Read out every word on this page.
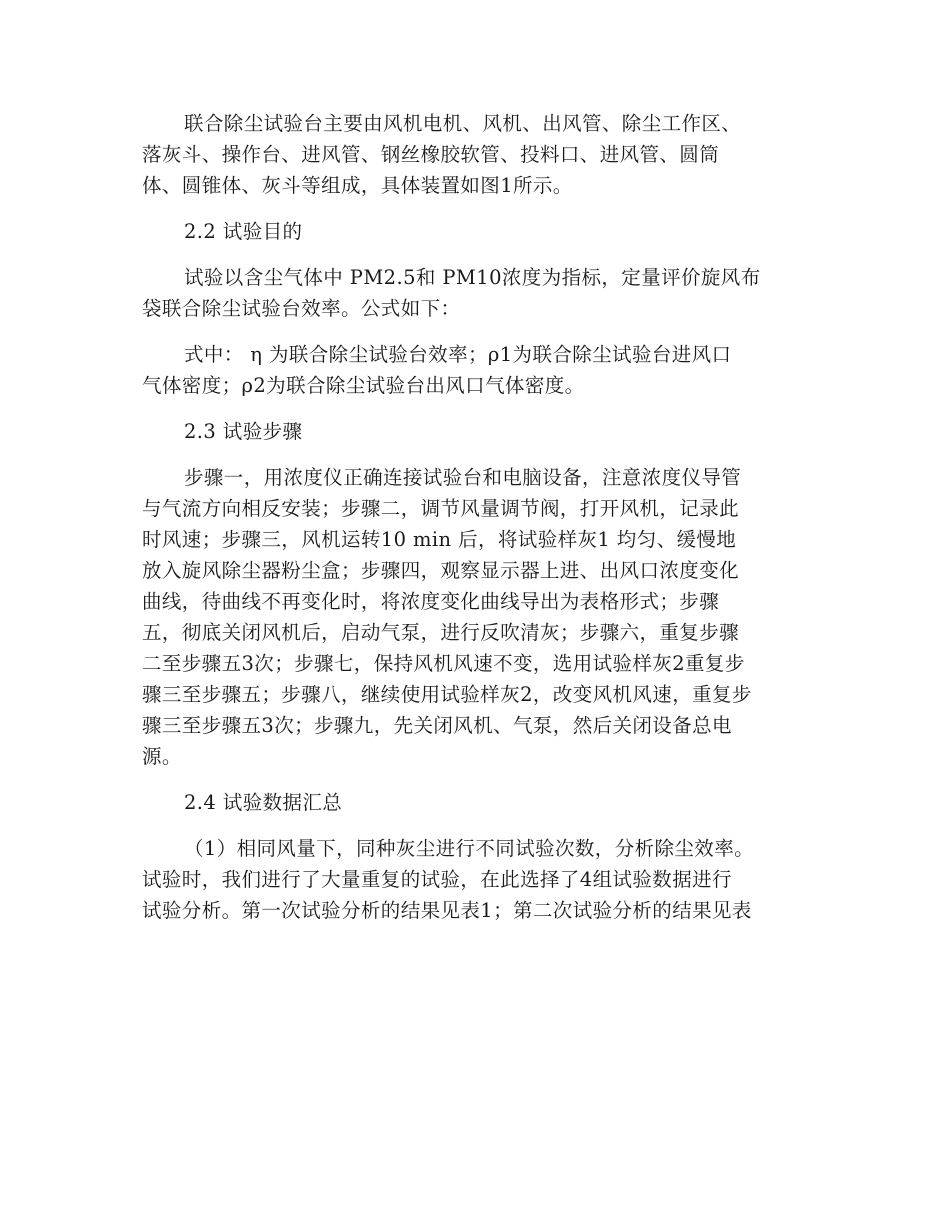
联合除尘试验台主要由风机电机、风机、出风管、除尘工作区、
落灰斗、操作台、进风管、钢丝橡胶软管、投料口、进风管、圆筒
体、圆锥体、灰斗等组成，具体装置如图1所示。
2.2 试验目的
试验以含尘气体中 PM2.5和 PM10浓度为指标，定量评价旋风布
袋联合除尘试验台效率。公式如下：
式中： η 为联合除尘试验台效率；ρ1为联合除尘试验台进风口
气体密度；ρ2为联合除尘试验台出风口气体密度。
2.3 试验步骤
步骤一，用浓度仪正确连接试验台和电脑设备，注意浓度仪导管
与气流方向相反安装；步骤二，调节风量调节阀，打开风机，记录此
时风速；步骤三，风机运转10 min 后，将试验样灰1 均匀、缓慢地
放入旋风除尘器粉尘盒；步骤四，观察显示器上进、出风口浓度变化
曲线，待曲线不再变化时，将浓度变化曲线导出为表格形式；步骤
五，彻底关闭风机后，启动气泵，进行反吹清灰；步骤六，重复步骤
二至步骤五3次；步骤七，保持风机风速不变，选用试验样灰2重复步
骤三至步骤五；步骤八，继续使用试验样灰2，改变风机风速，重复步
骤三至步骤五3次；步骤九，先关闭风机、气泵，然后关闭设备总电
源。
2.4 试验数据汇总
（1）相同风量下，同种灰尘进行不同试验次数，分析除尘效率。
试验时，我们进行了大量重复的试验，在此选择了4组试验数据进行
试验分析。第一次试验分析的结果见表1；第二次试验分析的结果见表
